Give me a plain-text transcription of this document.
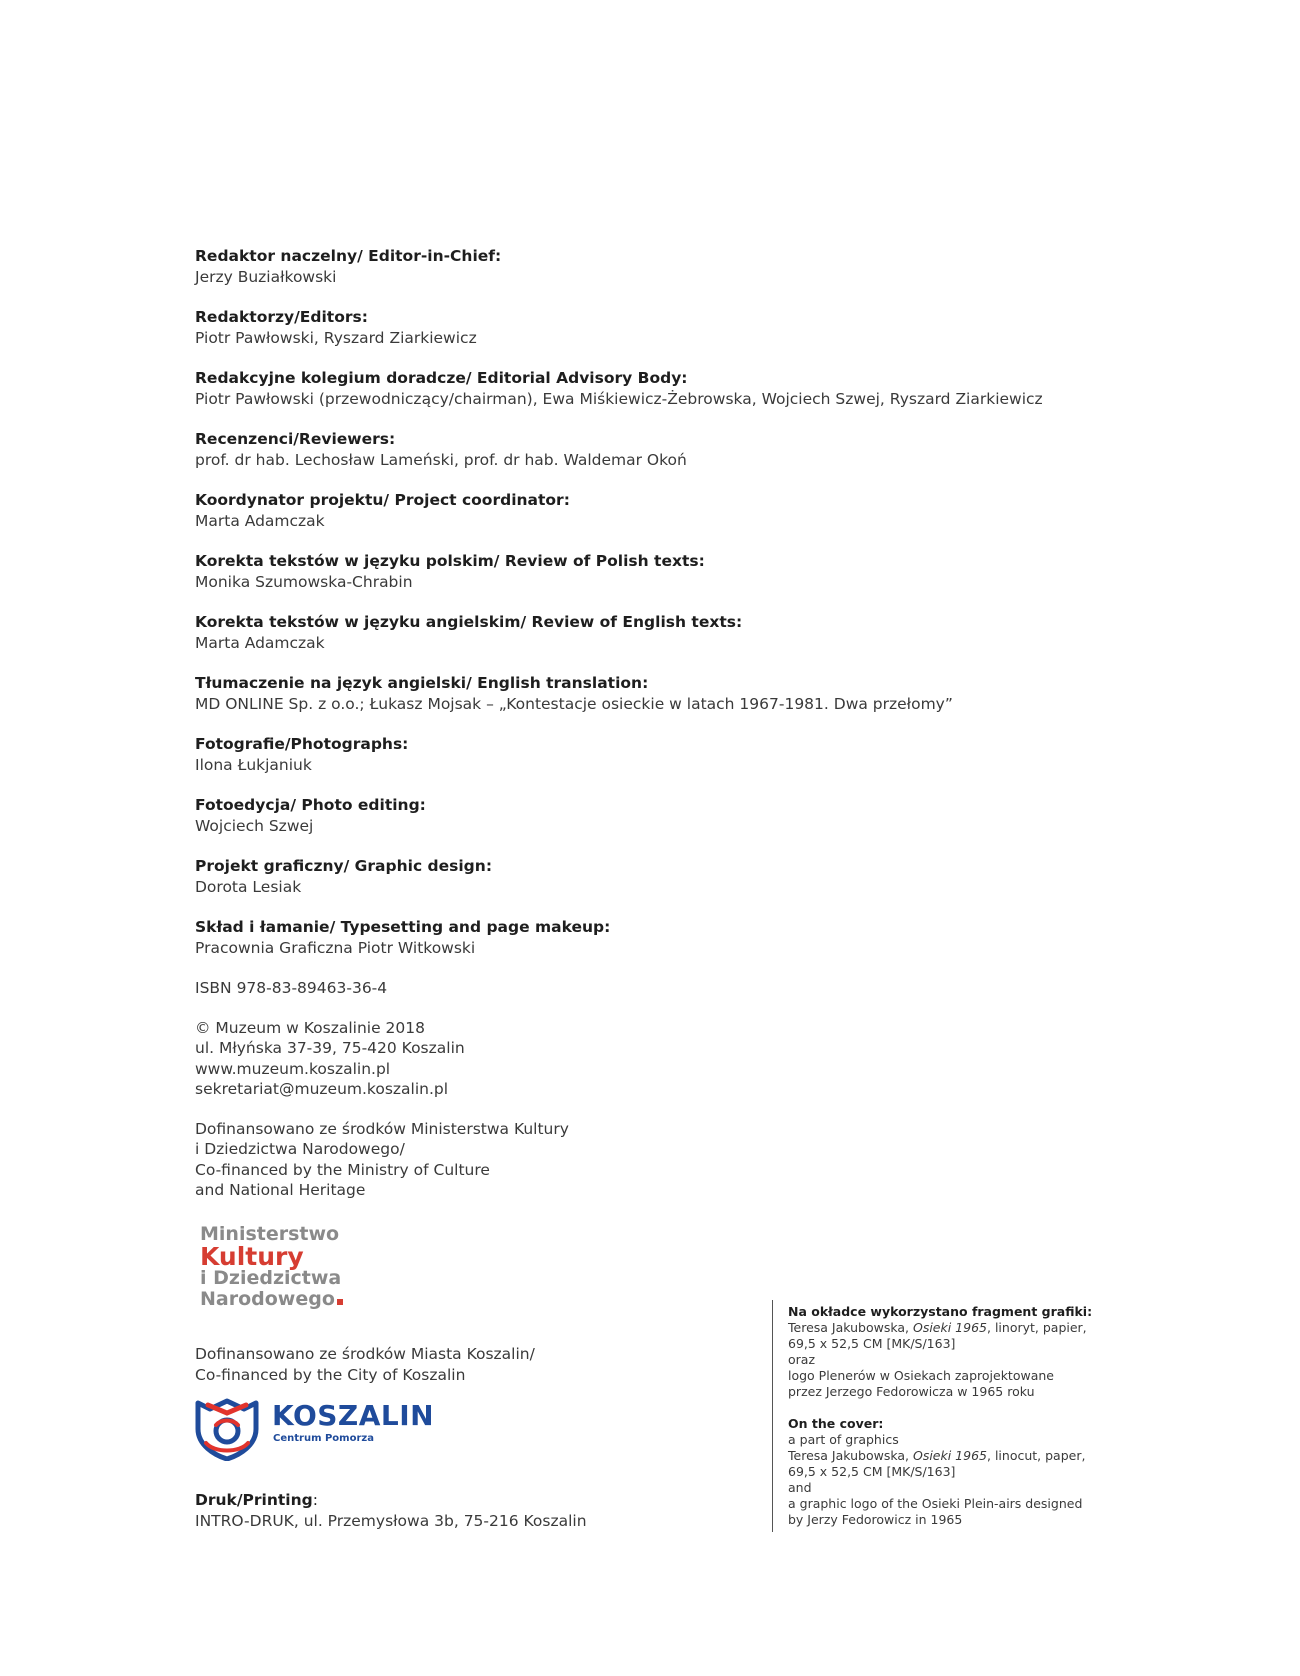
Redaktor naczelny/ Editor-in-Chief:
Jerzy Buziałkowski
Redaktorzy/Editors:
Piotr Pawłowski, Ryszard Ziarkiewicz
Redakcyjne kolegium doradcze/ Editorial Advisory Body:
Piotr Pawłowski (przewodniczący/chairman), Ewa Miśkiewicz-Żebrowska, Wojciech Szwej, Ryszard Ziarkiewicz
Recenzenci/Reviewers:
prof. dr hab. Lechosław Lameński, prof. dr hab. Waldemar Okoń
Koordynator projektu/ Project coordinator:
Marta Adamczak
Korekta tekstów w języku polskim/ Review of Polish texts:
Monika Szumowska-Chrabin
Korekta tekstów w języku angielskim/ Review of English texts:
Marta Adamczak
Tłumaczenie na język angielski/ English translation:
MD ONLINE Sp. z o.o.; Łukasz Mojsak – „Kontestacje osieckie w latach 1967-1981. Dwa przełomy”
Fotografie/Photographs:
Ilona Łukjaniuk
Fotoedycja/ Photo editing:
Wojciech Szwej
Projekt graficzny/ Graphic design:
Dorota Lesiak
Skład i łamanie/ Typesetting and page makeup:
Pracownia Graficzna Piotr Witkowski
ISBN 978-83-89463-36-4
© Muzeum w Koszalinie 2018
ul. Młyńska 37-39, 75-420 Koszalin
www.muzeum.koszalin.pl
sekretariat@muzeum.koszalin.pl
Dofinansowano ze środków Ministerstwa Kultury
i Dziedzictwa Narodowego/
Co-financed by the Ministry of Culture
and National Heritage
Ministerstwo
Kultury
i Dziedzictwa
Narodowego
Dofinansowano ze środków Miasta Koszalin/
Co-financed by the City of Koszalin
KOSZALIN
Centrum Pomorza
Druk/Printing:
INTRO-DRUK, ul. Przemysłowa 3b, 75-216 Koszalin
Na okładce wykorzystano fragment grafiki:
Teresa Jakubowska, Osieki 1965, linoryt, papier,
69,5 x 52,5 CM [MK/S/163]
oraz
logo Plenerów w Osiekach zaprojektowane
przez Jerzego Fedorowicza w 1965 roku
On the cover:
a part of graphics
Teresa Jakubowska, Osieki 1965, linocut, paper,
69,5 x 52,5 CM [MK/S/163]
and
a graphic logo of the Osieki Plein-airs designed
by Jerzy Fedorowicz in 1965
